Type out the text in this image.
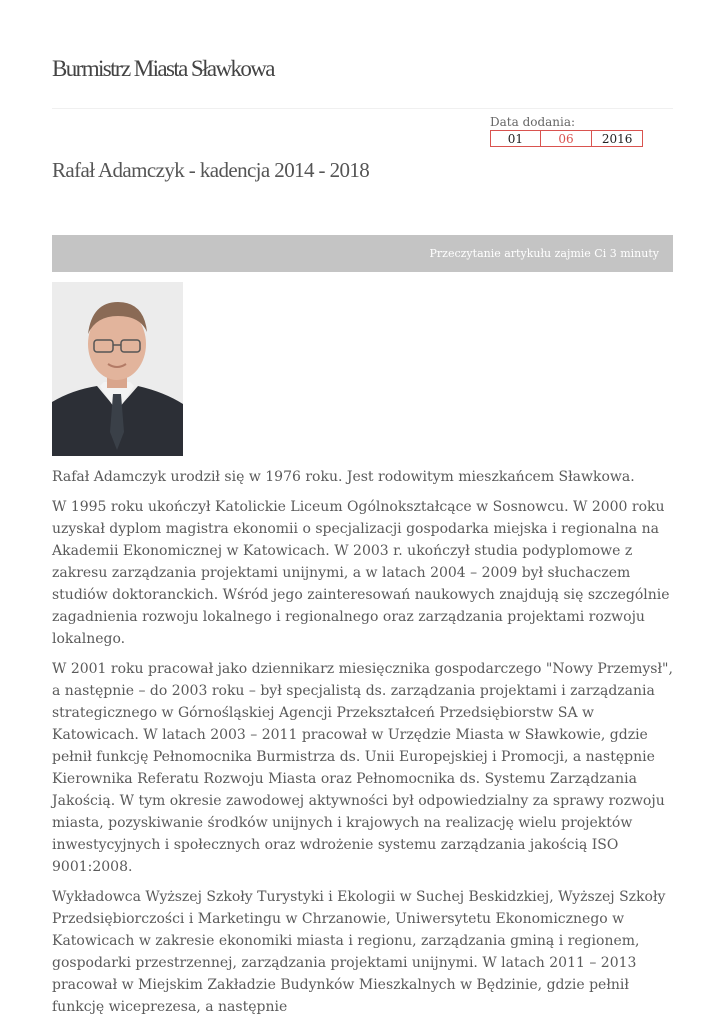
Burmistrz Miasta Sławkowa
Data dodania:
01	06	2016
Rafał Adamczyk - kadencja 2014 - 2018
Przeczytanie artykułu zajmie Ci 3 minuty

Rafał Adamczyk urodził się w 1976 roku. Jest rodowitym mieszkańcem Sławkowa.

W 1995 roku ukończył Katolickie Liceum Ogólnokształcące w Sosnowcu. W 2000 roku uzyskał dyplom magistra ekonomii o specjalizacji gospodarka miejska i regionalna na Akademii Ekonomicznej w Katowicach. W 2003 r. ukończył studia podyplomowe z zakresu zarządzania projektami unijnymi, a w latach 2004 – 2009 był słuchaczem studiów doktoranckich. Wśród jego zainteresowań naukowych znajdują się szczególnie zagadnienia rozwoju lokalnego i regionalnego oraz zarządzania projektami rozwoju lokalnego.

W 2001 roku pracował jako dziennikarz miesięcznika gospodarczego "Nowy Przemysł", a następnie – do 2003 roku – był specjalistą ds. zarządzania projektami i zarządzania strategicznego w Górnośląskiej Agencji Przekształceń Przedsiębiorstw SA w Katowicach. W latach 2003 – 2011 pracował w Urzędzie Miasta w Sławkowie, gdzie pełnił funkcję Pełnomocnika Burmistrza ds. Unii Europejskiej i Promocji, a następnie Kierownika Referatu Rozwoju Miasta oraz Pełnomocnika ds. Systemu Zarządzania Jakością. W tym okresie zawodowej aktywności był odpowiedzialny za sprawy rozwoju miasta, pozyskiwanie środków unijnych i krajowych na realizację wielu projektów inwestycyjnych i społecznych oraz wdrożenie systemu zarządzania jakością ISO 9001:2008.

Wykładowca Wyższej Szkoły Turystyki i Ekologii w Suchej Beskidzkiej, Wyższej Szkoły Przedsiębiorczości i Marketingu w Chrzanowie, Uniwersytetu Ekonomicznego w Katowicach w zakresie ekonomiki miasta i regionu, zarządzania gminą i regionem, gospodarki przestrzennej, zarządzania projektami unijnymi. W latach 2011 – 2013 pracował w Miejskim Zakładzie Budynków Mieszkalnych w Będzinie, gdzie pełnił funkcję wiceprezesa, a następnie
